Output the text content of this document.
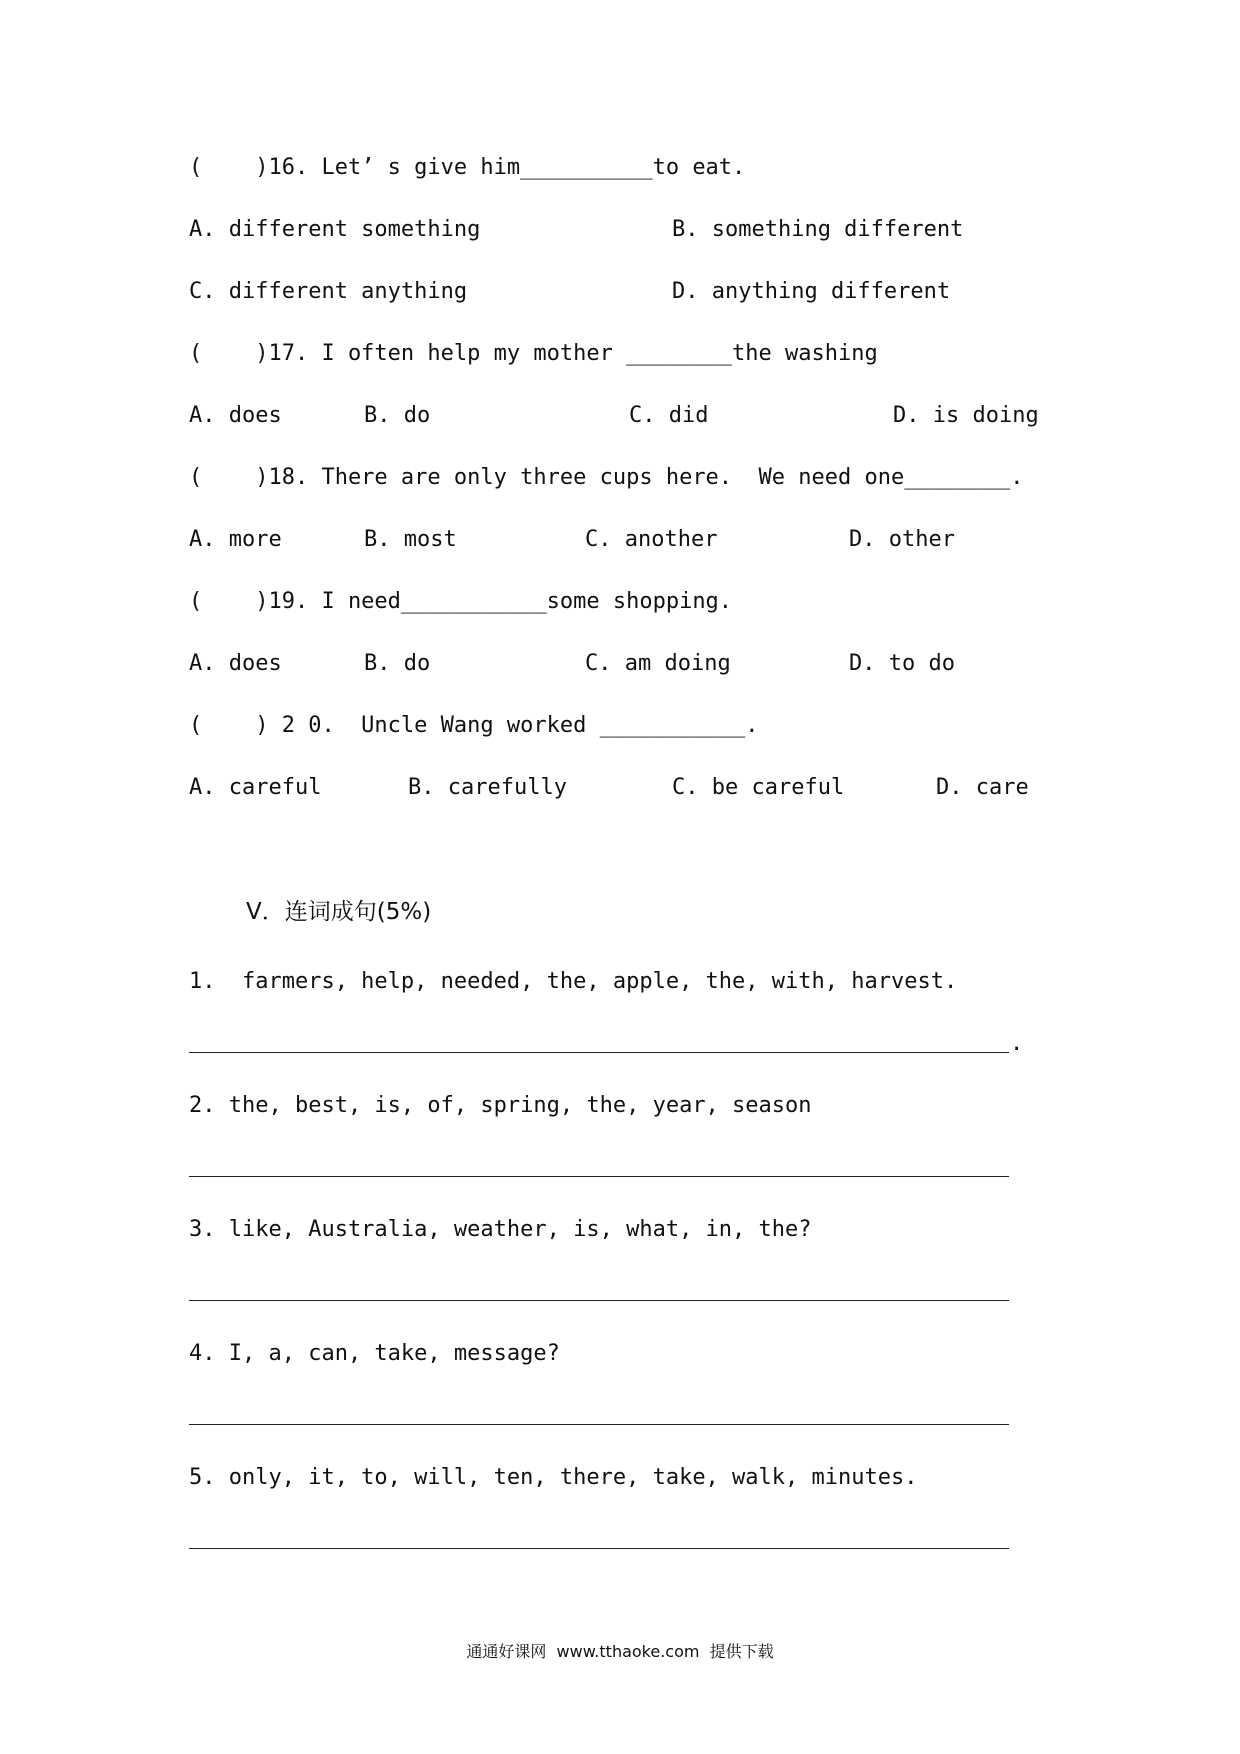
(    )16. Let’ s give him__________to eat.
A. different something	B. something different
C. different anything	D. anything different
(    )17. I often help my mother ________the washing
A. does	B. do	C. did	D. is doing
(    )18. There are only three cups here.  We need one________.
A. more	B. most	C. another	D. other
(    )19. I need___________some shopping.
A. does	B. do	C. am doing	D. to do
(    ) 2 0.  Uncle Wang worked ___________.
A. careful	B. carefully	C. be careful	D. care
V．连词成句(5%)
1.  farmers, help, needed, the, apple, the, with, harvest.
.
2. the, best, is, of, spring, the, year, season
3. like, Australia, weather, is, what, in, the?
4. I, a, can, take, message?
5. only, it, to, will, ten, there, take, walk, minutes.
通通好课网  www.tthaoke.com  提供下载
